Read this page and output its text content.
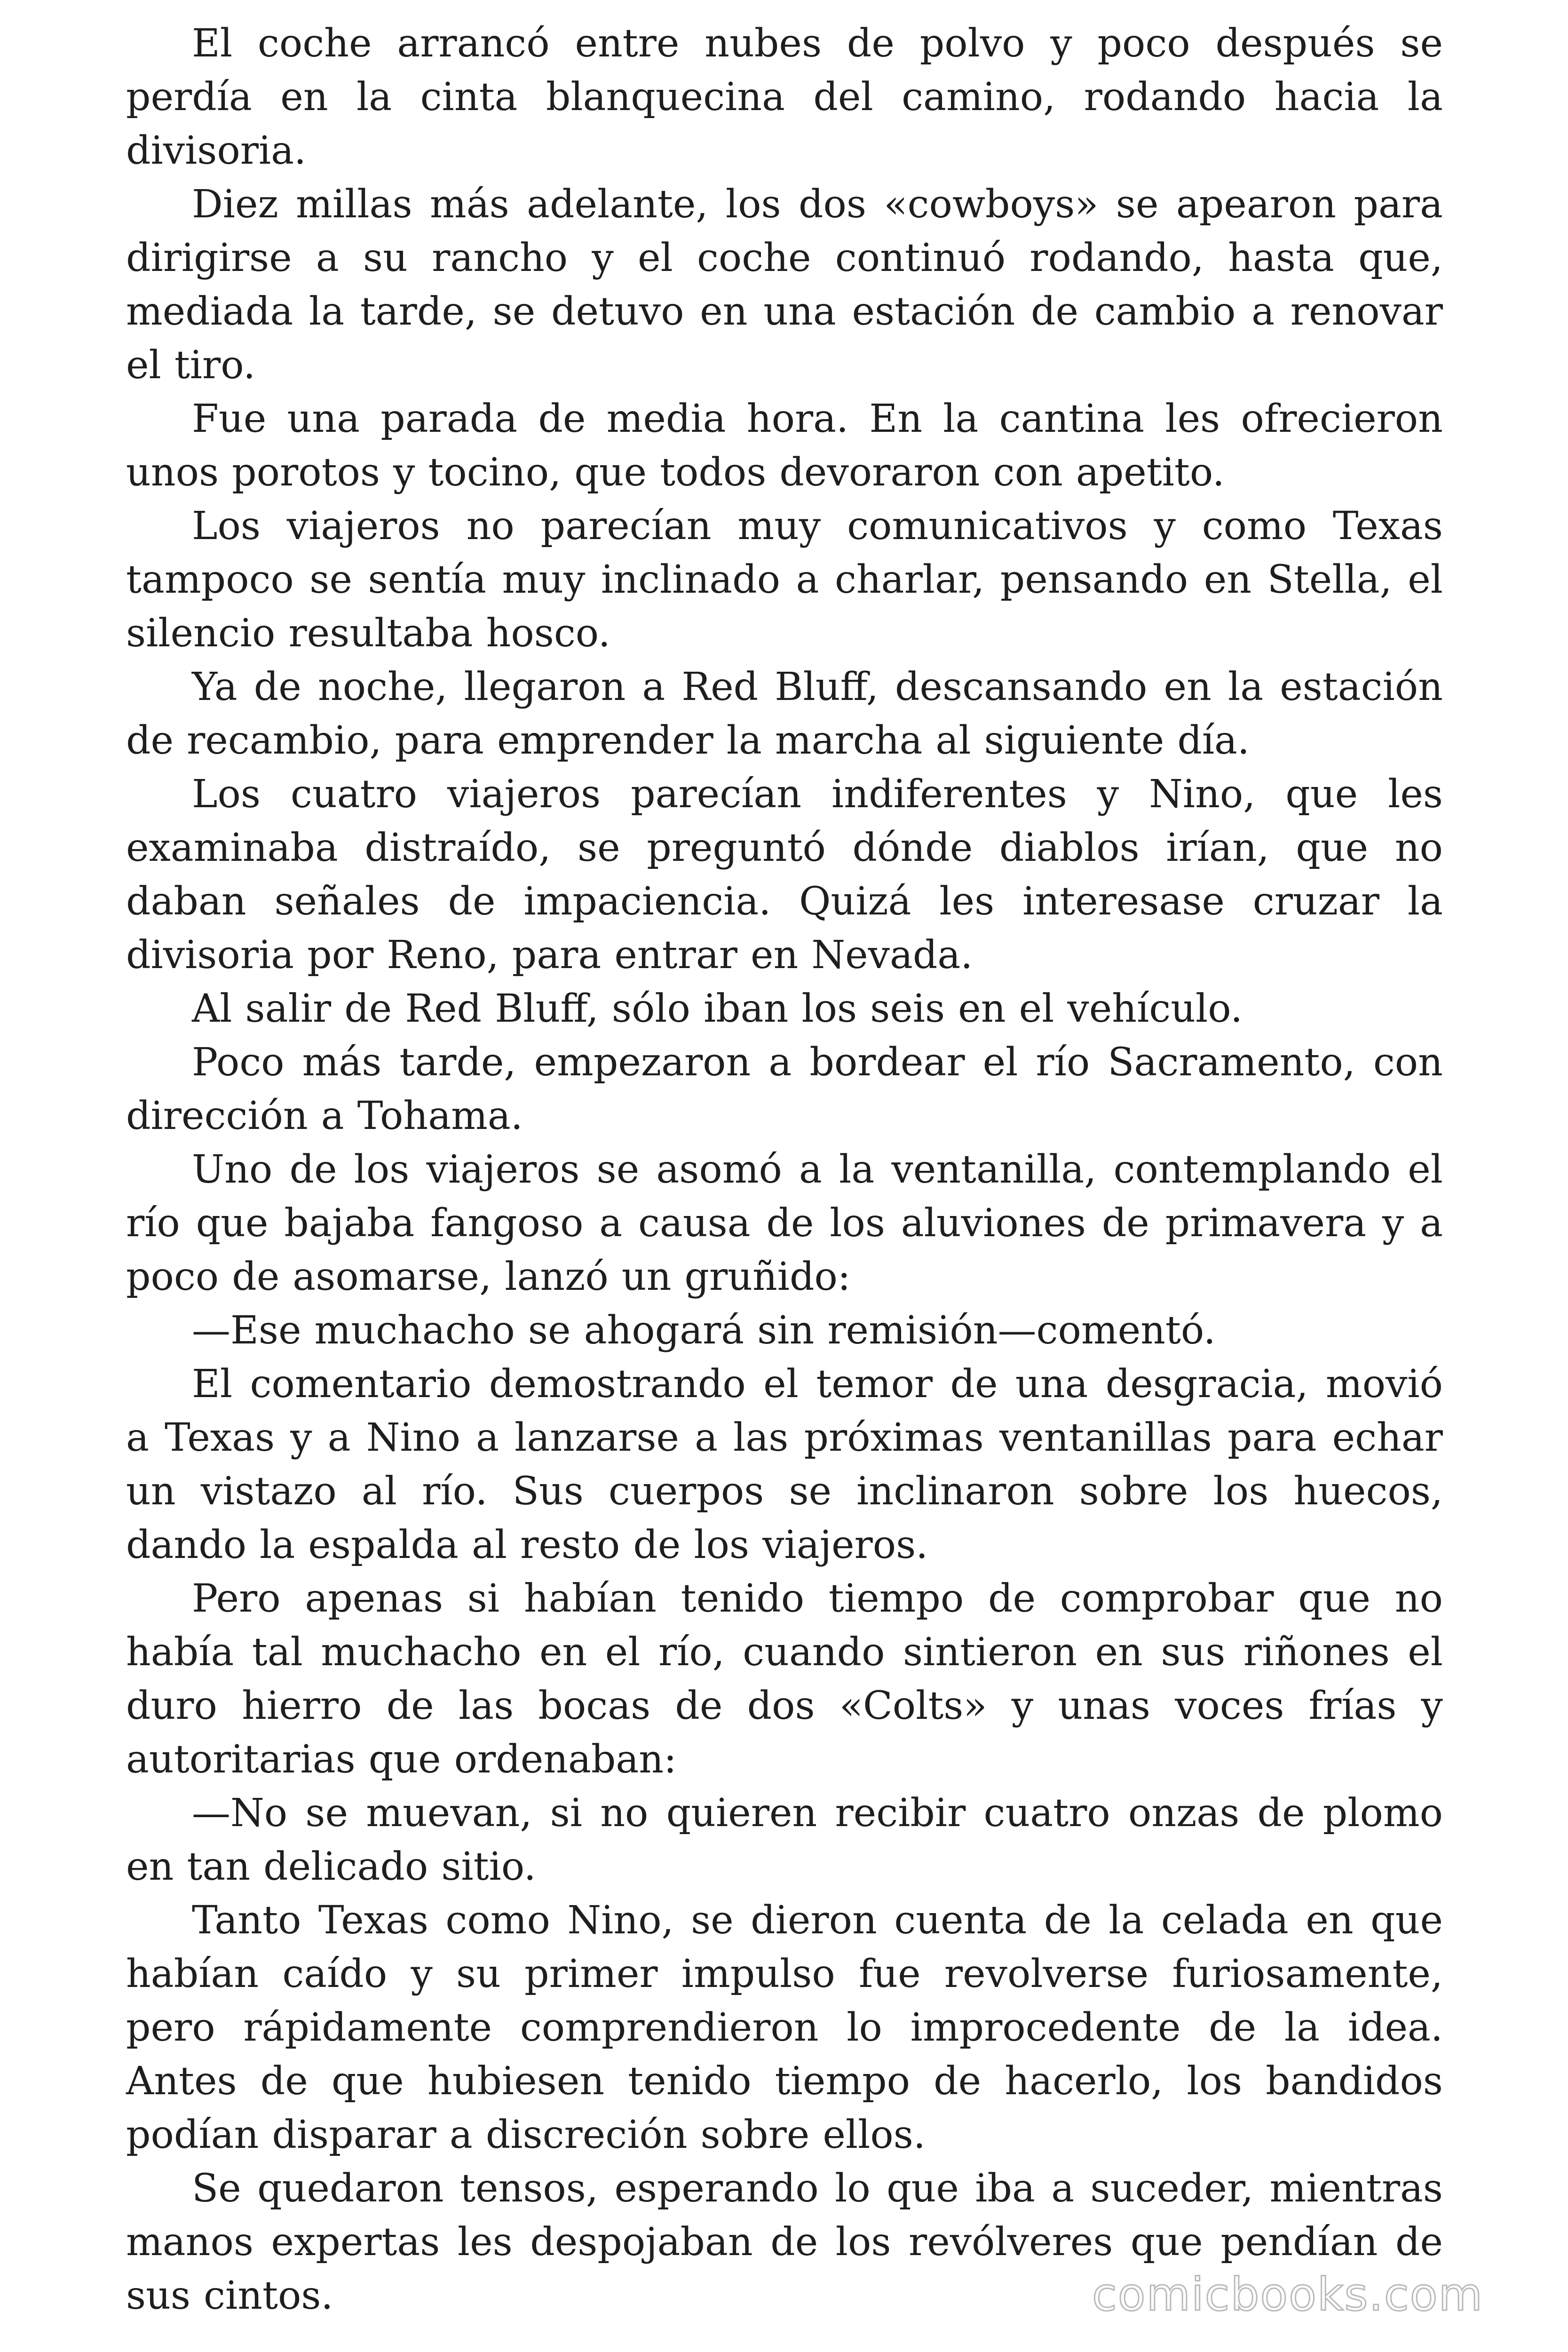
El coche arrancó entre nubes de polvo y poco después se perdía en la cinta blanquecina del camino, rodando hacia la divisoria.

Diez millas más adelante, los dos «cowboys» se apearon para dirigirse a su rancho y el coche continuó rodando, hasta que, mediada la tarde, se detuvo en una estación de cambio a renovar el tiro.

Fue una parada de media hora. En la cantina les ofrecieron unos porotos y tocino, que todos devoraron con apetito.

Los viajeros no parecían muy comunicativos y como Texas tampoco se sentía muy inclinado a charlar, pensando en Stella, el silencio resultaba hosco.

Ya de noche, llegaron a Red Bluff, descansando en la estación de recambio, para emprender la marcha al siguiente día.

Los cuatro viajeros parecían indiferentes y Nino, que les examinaba distraído, se preguntó dónde diablos irían, que no daban señales de impaciencia. Quizá les interesase cruzar la divisoria por Reno, para entrar en Nevada.

Al salir de Red Bluff, sólo iban los seis en el vehículo.

Poco más tarde, empezaron a bordear el río Sacramento, con dirección a Tohama.

Uno de los viajeros se asomó a la ventanilla, contemplando el río que bajaba fangoso a causa de los aluviones de primavera y a poco de asomarse, lanzó un gruñido:

—Ese muchacho se ahogará sin remisión—comentó.

El comentario demostrando el temor de una desgracia, movió a Texas y a Nino a lanzarse a las próximas ventanillas para echar un vistazo al río. Sus cuerpos se inclinaron sobre los huecos, dando la espalda al resto de los viajeros.

Pero apenas si habían tenido tiempo de comprobar que no había tal muchacho en el río, cuando sintieron en sus riñones el duro hierro de las bocas de dos «Colts» y unas voces frías y autoritarias que ordenaban:

—No se muevan, si no quieren recibir cuatro onzas de plomo en tan delicado sitio.

Tanto Texas como Nino, se dieron cuenta de la celada en que habían caído y su primer impulso fue revolverse furiosamente, pero rápidamente comprendieron lo improcedente de la idea. Antes de que hubiesen tenido tiempo de hacerlo, los bandidos podían disparar a discreción sobre ellos.

Se quedaron tensos, esperando lo que iba a suceder, mientras manos expertas les despojaban de los revólveres que pendían de sus cintos.	comicbooks.com
